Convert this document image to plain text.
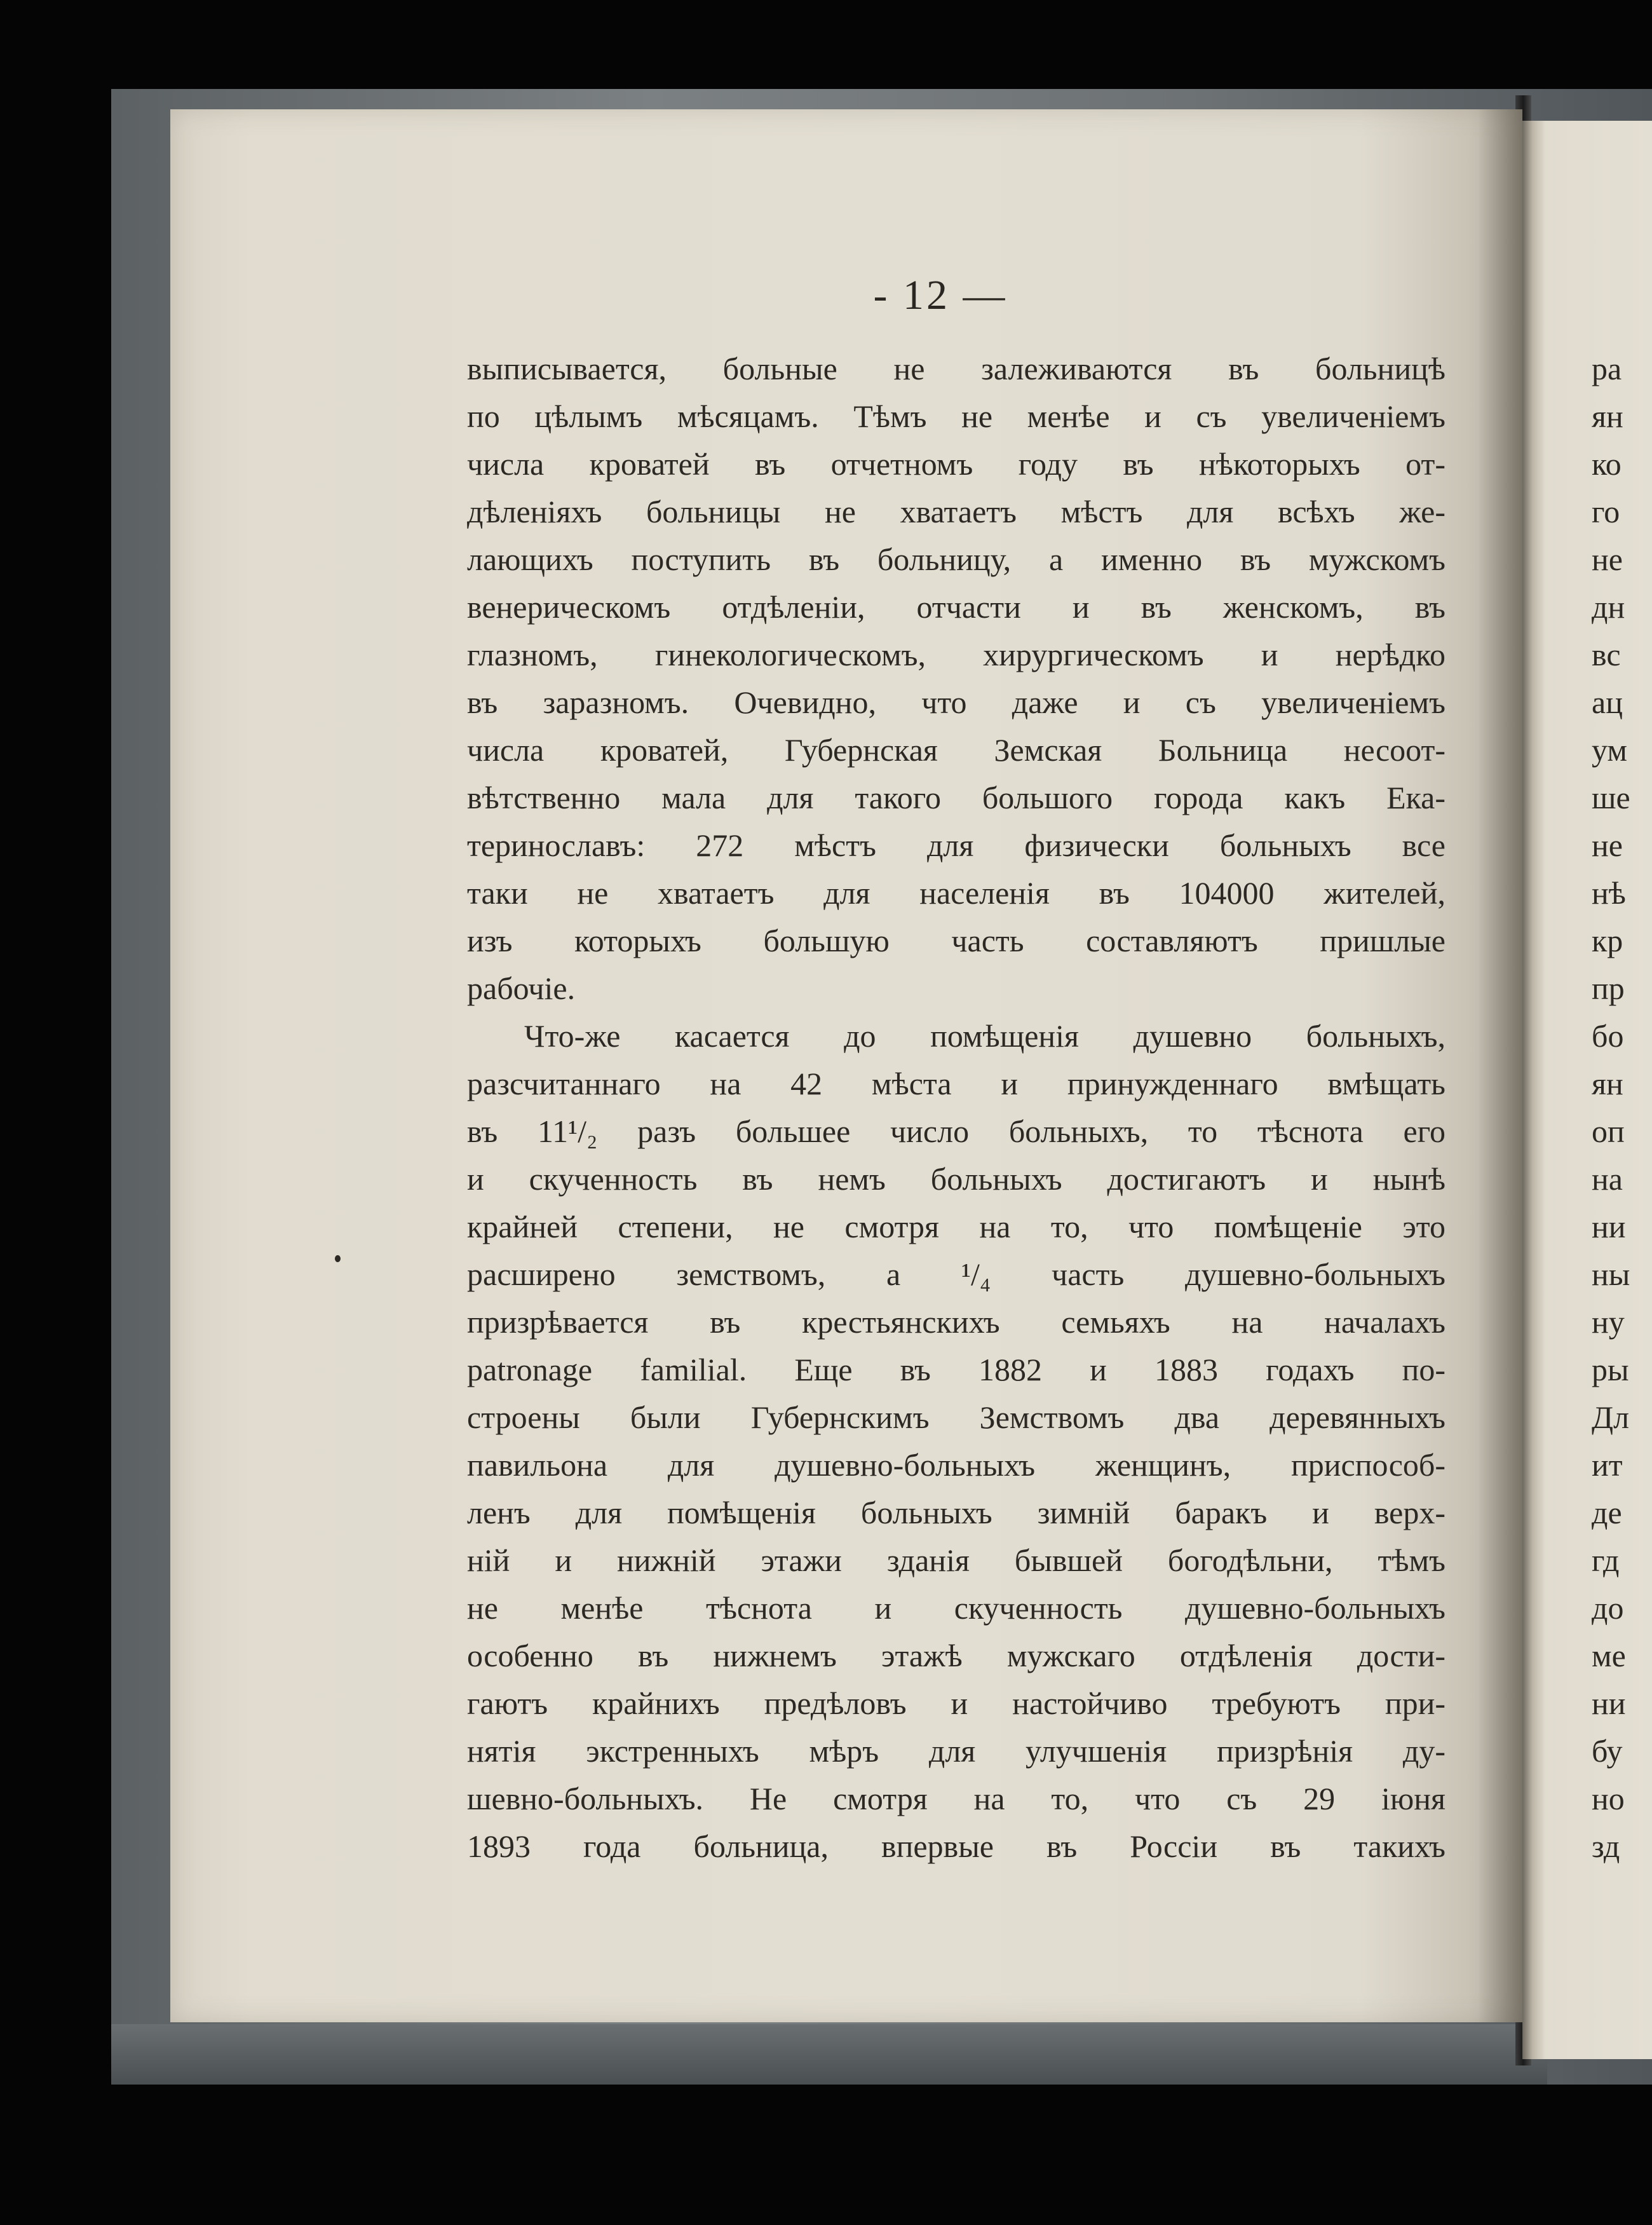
- 12 —
выписывается, больные не залеживаются въ больницѣ
по цѣлымъ мѣсяцамъ. Тѣмъ не менѣе и съ увеличеніемъ
числа кроватей въ отчетномъ году въ нѣкоторыхъ от-
дѣленіяхъ больницы не хватаетъ мѣстъ для всѣхъ же-
лающихъ поступить въ больницу, а именно въ мужскомъ
венерическомъ отдѣленіи, отчасти и въ женскомъ, въ
глазномъ, гинекологическомъ, хирургическомъ и нерѣдко
въ заразномъ. Очевидно, что даже и съ увеличеніемъ
числа кроватей, Губернская Земская Больница несоот-
вѣтственно мала для такого большого города какъ Ека-
теринославъ: 272 мѣстъ для физически больныхъ все
таки не хватаетъ для населенія въ 104000 жителей,
изъ которыхъ большую часть составляютъ пришлые
рабочіе.
Что-же касается до помѣщенія душевно больныхъ,
разсчитаннаго на 42 мѣста и принужденнаго вмѣщать
въ 11¹/₂ разъ большее число больныхъ, то тѣснота его
и скученность въ немъ больныхъ достигаютъ и нынѣ
крайней степени, не смотря на то, что помѣщеніе это
расширено земствомъ, а ¹/₄ часть душевно-больныхъ
призрѣвается въ крестьянскихъ семьяхъ на началахъ
patronage familial. Еще въ 1882 и 1883 годахъ по-
строены были Губернскимъ Земствомъ два деревянныхъ
павильона для душевно-больныхъ женщинъ, приспособ-
ленъ для помѣщенія больныхъ зимній баракъ и верх-
ній и нижній этажи зданія бывшей богодѣльни, тѣмъ
не менѣе тѣснота и скученность душевно-больныхъ
особенно въ нижнемъ этажѣ мужскаго отдѣленія дости-
гаютъ крайнихъ предѣловъ и настойчиво требуютъ при-
нятія экстренныхъ мѣръ для улучшенія призрѣнія ду-
шевно-больныхъ. Не смотря на то, что съ 29 іюня
1893 года больница, впервые въ Россіи въ такихъ
ра
ян
ко
го
не
дн
вс
ац
ум
ше
не
нѣ
кр
пр
бо
ян
оп
на
ни
ны
ну
ры
Дл
ит
де
гд
до
ме
ни
бу
но
зд
